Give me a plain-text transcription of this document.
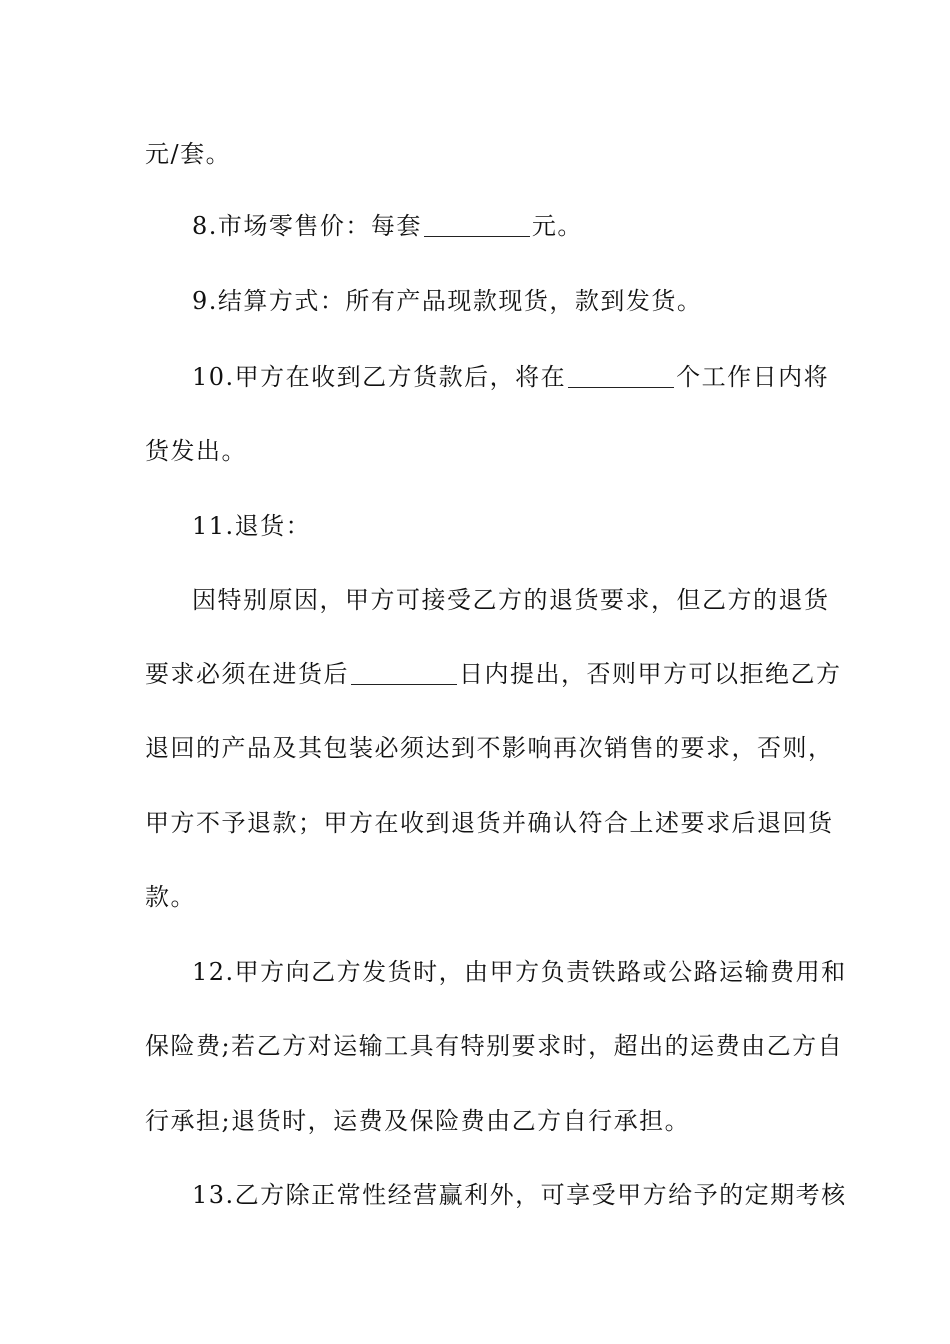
元/套。
8.市场零售价：每套	元。
9.结算方式：所有产品现款现货，款到发货。
10.甲方在收到乙方货款后，将在	个工作日内将
货发出。
11.退货：
因特别原因，甲方可接受乙方的退货要求，但乙方的退货
要求必须在进货后	日内提出，否则甲方可以拒绝乙方
退回的产品及其包装必须达到不影响再次销售的要求，否则，
甲方不予退款；甲方在收到退货并确认符合上述要求后退回货
款。
12.甲方向乙方发货时，由甲方负责铁路或公路运输费用和
保险费;若乙方对运输工具有特别要求时，超出的运费由乙方自
行承担;退货时，运费及保险费由乙方自行承担。
13.乙方除正常性经营赢利外，可享受甲方给予的定期考核
